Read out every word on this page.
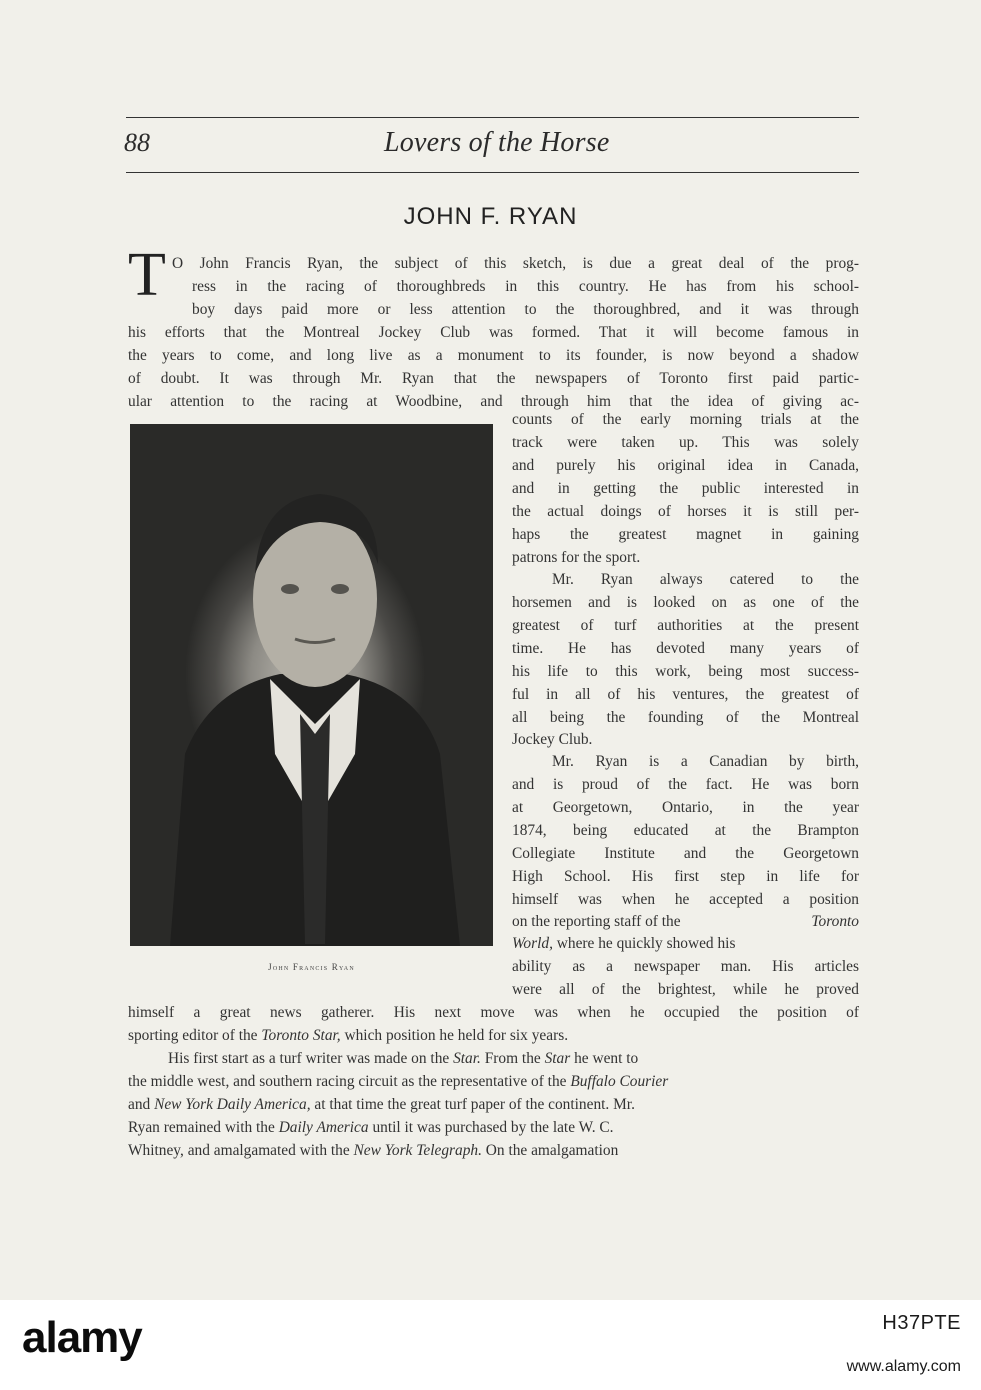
88	Lovers of the Horse
JOHN F. RYAN
T O John Francis Ryan, the subject of this sketch, is due a great deal of the prog-
ress in the racing of thoroughbreds in this country. He has from his school-
boy days paid more or less attention to the thoroughbred, and it was through
his efforts that the Montreal Jockey Club was formed. That it will become famous in
the years to come, and long live as a monument to its founder, is now beyond a shadow
of doubt. It was through Mr. Ryan that the newspapers of Toronto first paid partic-
ular attention to the racing at Woodbine, and through him that the idea of giving ac-
John Francis Ryan
counts of the early morning trials at the
track were taken up. This was solely
and purely his original idea in Canada,
and in getting the public interested in
the actual doings of horses it is still per-
haps the greatest magnet in gaining
patrons for the sport.
Mr. Ryan always catered to the
horsemen and is looked on as one of the
greatest of turf authorities at the present
time. He has devoted many years of
his life to this work, being most success-
ful in all of his ventures, the greatest of
all being the founding of the Montreal
Jockey Club.
Mr. Ryan is a Canadian by birth,
and is proud of the fact. He was born
at Georgetown, Ontario, in the year
1874, being educated at the Brampton
Collegiate Institute and the Georgetown
High School. His first step in life for
himself was when he accepted a position
on the reporting staff of the	Toronto
World, where he quickly showed his
ability as a newspaper man. His articles
were all of the brightest, while he proved
himself a great news gatherer. His next move was when he occupied the position of
sporting editor of the Toronto Star, which position he held for six years.
His first start as a turf writer was made on the Star. From the Star he went to
the middle west, and southern racing circuit as the representative of the Buffalo Courier
and New York Daily America, at that time the great turf paper of the continent. Mr.
Ryan remained with the Daily America until it was purchased by the late W. C.
Whitney, and amalgamated with the New York Telegraph. On the amalgamation
alamy	H37PTE
www.alamy.com
